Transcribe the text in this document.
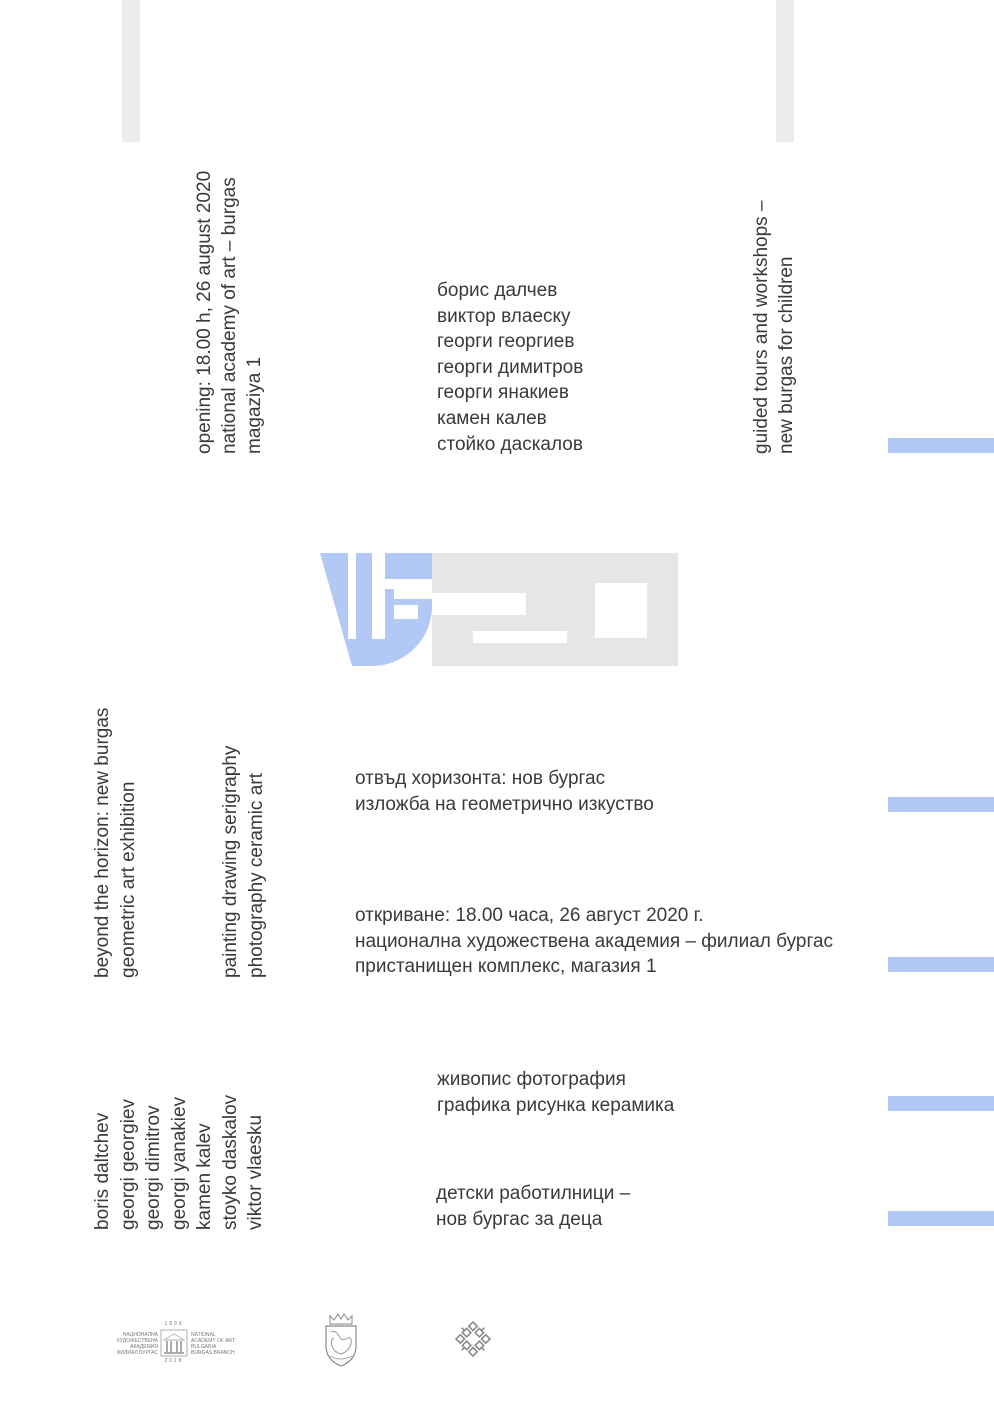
opening: 18.00 h, 26 august 2020 national academy of art – burgas magaziya 1
борис далчев
виктор влаеску
георги георгиев
георги димитров
георги янакиев
камен калев
стойко даскалов	guided tours and workshops – new burgas for children
beyond the horizon: new burgas geometric art exhibition	painting drawing serigraphy photography ceramic art
boris daltchev georgi georgiev georgi dimitrov georgi yanakiev kamen kalev stoyko daskalov viktor vlaesku
отвъд хоризонта: нов бургас
изложба на геометрично изкуство
откриване: 18.00 часа, 26 август 2020 г.
национална художествена академия – филиал бургас
пристанищен комплекс, магазия 1
живопис фотография
графика рисунка керамика
детски работилници –
нов бургас за деца
НАЦИОНАЛНА
ХУДОЖЕСТВЕНА
АКАДЕМИЯ
ФИЛИАЛ БУРГАС
1896
2018
NATIONAL
ACADEMY OF ART
BULGARIA
BURGAS BRANCH
